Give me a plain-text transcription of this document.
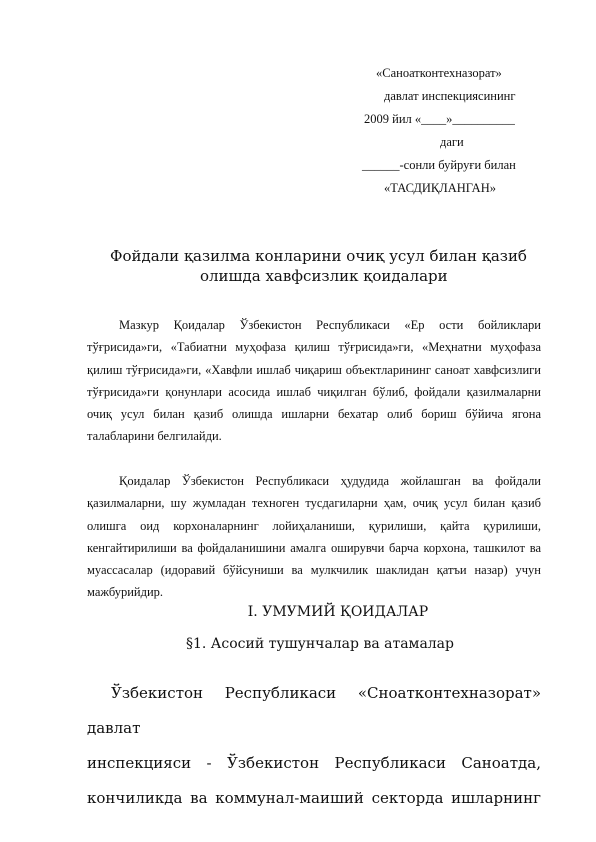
«Саноатконтехназорат»
давлат инспекциясининг
2009 йил «____»__________
даги
______-сонли буйруғи билан
«ТАСДИҚЛАНГАН»
Фойдали қазилма конларини очиқ усул билан қазиб
олишда хавфсизлик қоидалари
Мазкур Қоидалар Ўзбекистон Республикаси «Ер ости бойликлари тўғрисида»ги, «Табиатни муҳофаза қилиш тўғрисида»ги, «Меҳнатни муҳофаза қилиш тўғрисида»ги, «Хавфли ишлаб чиқариш объектларининг саноат хавфсизлиги тўғрисида»ги қонунлари асосида ишлаб чиқилган бўлиб, фойдали қазилмаларни очиқ усул билан қазиб олишда ишларни бехатар олиб бориш бўйича ягона талабларини белгилайди.
Қоидалар Ўзбекистон Республикаси ҳудудида жойлашган ва фойдали қазилмаларни, шу жумладан техноген тусдагиларни ҳам, очиқ усул билан қазиб олишга оид корхоналарнинг лойиҳаланиши, қурилиши, қайта қурилиши, кенгайтирилиши ва фойдаланишини амалга оширувчи барча корхона, ташкилот ва муассасалар (идоравий бўйсуниши ва мулкчилик шаклидан қатъи назар) учун мажбурийдир.
I. УМУМИЙ ҚОИДАЛАР
§1. Асосий тушунчалар ва атамалар
Ўзбекистон Республикаси «Сноатконтехназорат» давлат
инспекцияси - Ўзбекистон Республикаси Саноатда,
кончиликда ва коммунал-маиший секторда ишларнинг
